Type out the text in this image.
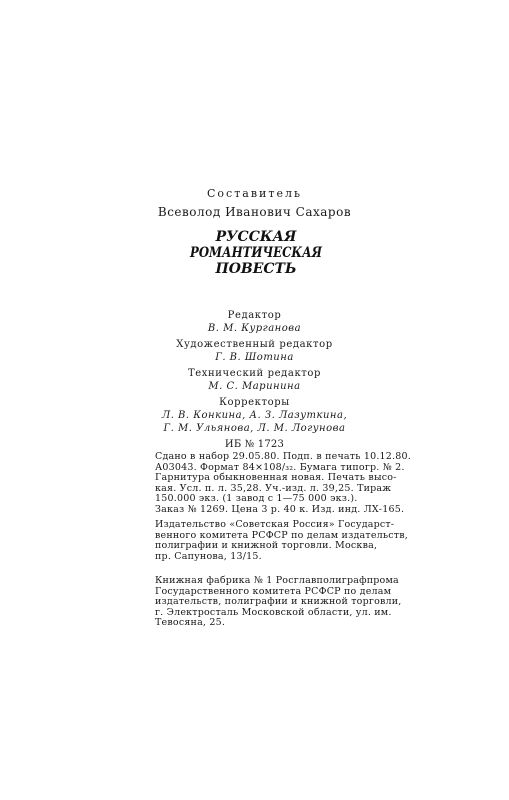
Составитель
Всеволод Иванович Сахаров
РУССКАЯ
РОМАНТИЧЕСКАЯ
ПОВЕСТЬ
Редактор
В. М. Курганова
Художественный редактор
Г. В. Шотина
Технический редактор
М. С. Маринина
Корректоры
Л. В. Конкина, А. З. Лазуткина,
Г. М. Ульянова, Л. М. Логунова
ИБ № 1723
Сдано в набор 29.05.80. Подп. в печать 10.12.80.
А03043. Формат 84×108/₃₂. Бумага типогр. № 2.
Гарнитура обыкновенная новая. Печать высо-
кая. Усл. п. л. 35,28. Уч.-изд. л. 39,25. Тираж
150.000 экз. (1 завод с 1—75 000 экз.).
Заказ № 1269. Цена 3 р. 40 к. Изд. инд. ЛХ-165.
Издательство «Советская Россия» Государст-
венного комитета РСФСР по делам издательств,
полиграфии и книжной торговли. Москва,
пр. Сапунова, 13/15.
Книжная фабрика № 1 Росглавполиграфпрома
Государственного комитета РСФСР по делам
издательств, полиграфии и книжной торговли,
г. Электросталь Московской области, ул. им.
Тевосяна, 25.
